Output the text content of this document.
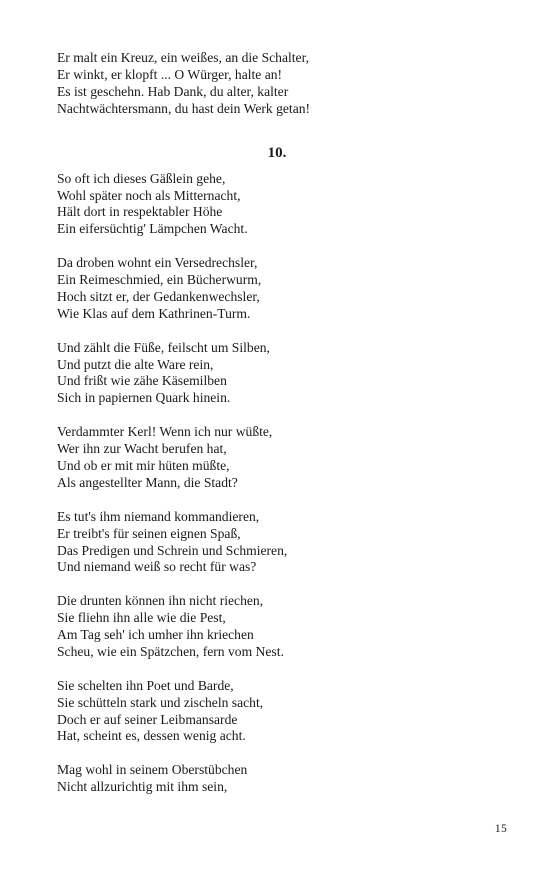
Er malt ein Kreuz, ein weißes, an die Schalter,

Er winkt, er klopft ... O Würger, halte an!

Es ist geschehn. Hab Dank, du alter, kalter

Nachtwächtersmann, du hast dein Werk getan!

10.

So oft ich dieses Gäßlein gehe,

Wohl später noch als Mitternacht,

Hält dort in respektabler Höhe

Ein eifersüchtig' Lämpchen Wacht.

Da droben wohnt ein Versedrechsler,

Ein Reimeschmied, ein Bücherwurm,

Hoch sitzt er, der Gedankenwechsler,

Wie Klas auf dem Kathrinen-Turm.

Und zählt die Füße, feilscht um Silben,

Und putzt die alte Ware rein,

Und frißt wie zähe Käsemilben

Sich in papiernen Quark hinein.

Verdammter Kerl! Wenn ich nur wüßte,

Wer ihn zur Wacht berufen hat,

Und ob er mit mir hüten müßte,

Als angestellter Mann, die Stadt?

Es tut's ihm niemand kommandieren,

Er treibt's für seinen eignen Spaß,

Das Predigen und Schrein und Schmieren,

Und niemand weiß so recht für was?

Die drunten können ihn nicht riechen,

Sie fliehn ihn alle wie die Pest,

Am Tag seh' ich umher ihn kriechen

Scheu, wie ein Spätzchen, fern vom Nest.

Sie schelten ihn Poet und Barde,

Sie schütteln stark und zischeln sacht,

Doch er auf seiner Leibmansarde

Hat, scheint es, dessen wenig acht.

Mag wohl in seinem Oberstübchen

Nicht allzurichtig mit ihm sein,

15
